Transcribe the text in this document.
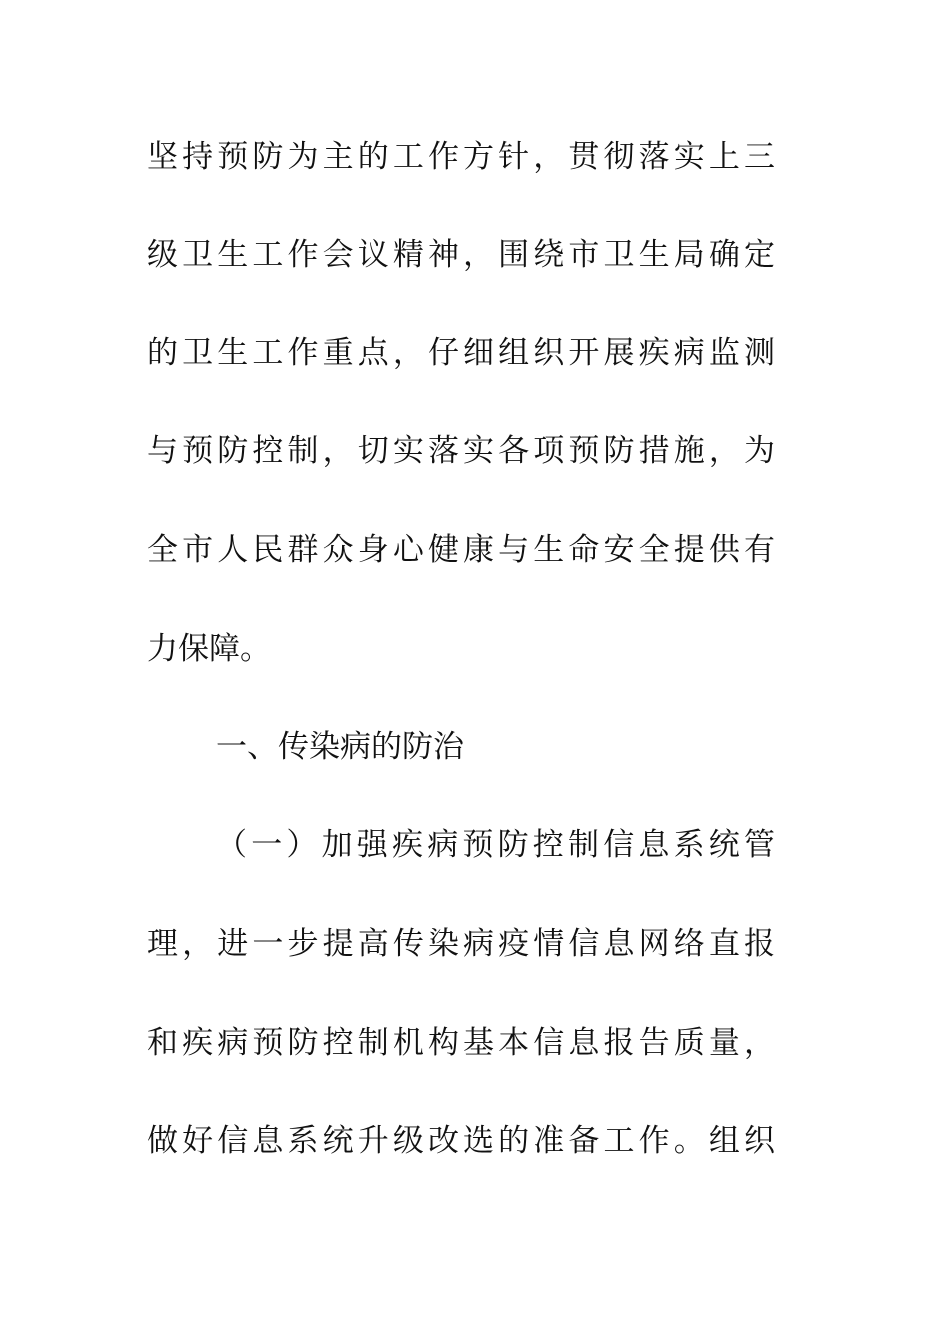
坚持预防为主的工作方针，贯彻落实上三
级卫生工作会议精神，围绕市卫生局确定
的卫生工作重点，仔细组织开展疾病监测
与预防控制，切实落实各项预防措施，为
全市人民群众身心健康与生命安全提供有
力保障。
一、传染病的防治
（一）加强疾病预防控制信息系统管
理，进一步提高传染病疫情信息网络直报
和疾病预防控制机构基本信息报告质量，
做好信息系统升级改选的准备工作。组织
